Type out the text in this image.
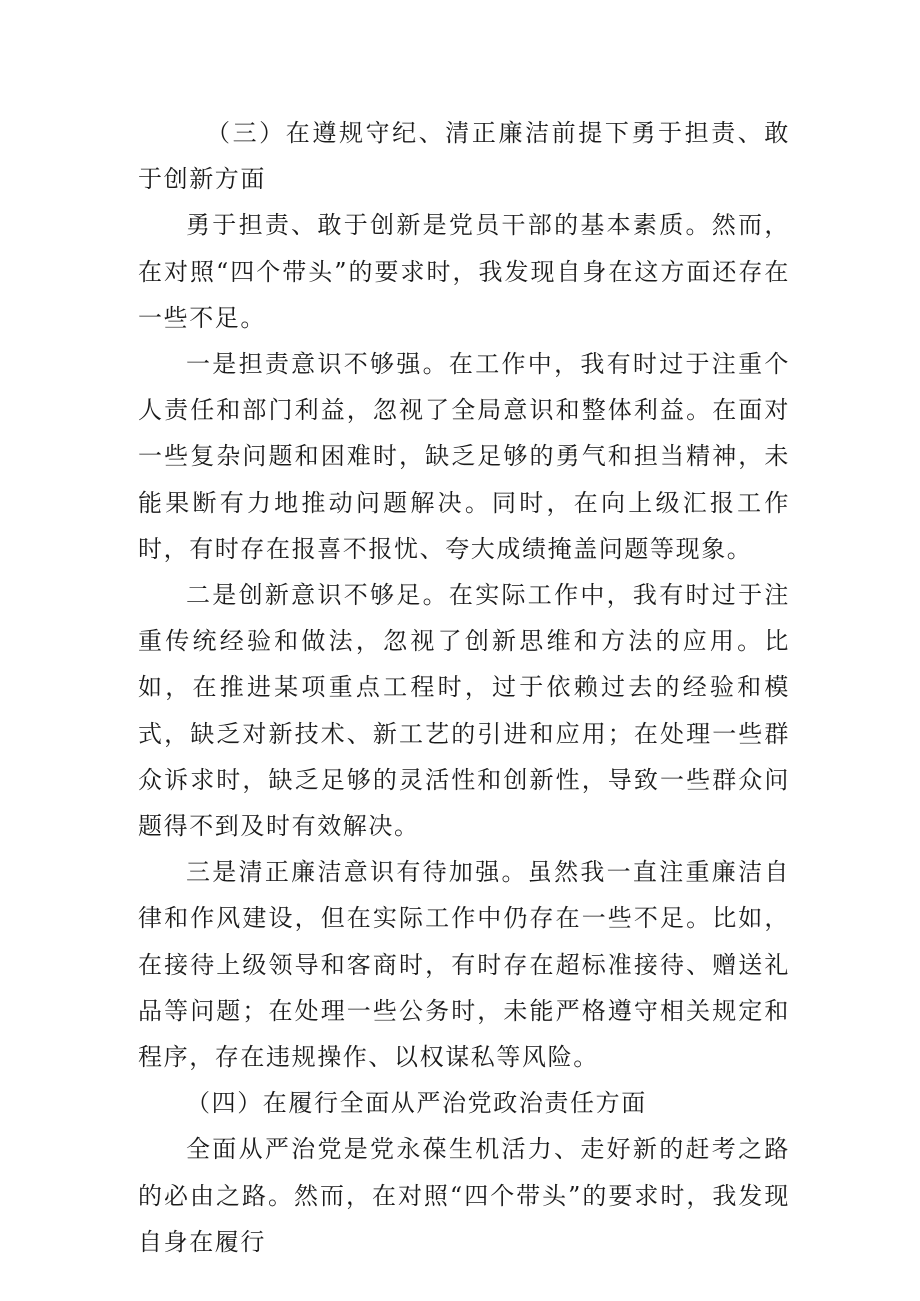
（三）在遵规守纪、清正廉洁前提下勇于担责、敢于创新方面

勇于担责、敢于创新是党员干部的基本素质。然而，在对照“四个带头”的要求时，我发现自身在这方面还存在一些不足。

一是担责意识不够强。在工作中，我有时过于注重个人责任和部门利益，忽视了全局意识和整体利益。在面对一些复杂问题和困难时，缺乏足够的勇气和担当精神，未能果断有力地推动问题解决。同时，在向上级汇报工作时，有时存在报喜不报忧、夸大成绩掩盖问题等现象。

二是创新意识不够足。在实际工作中，我有时过于注重传统经验和做法，忽视了创新思维和方法的应用。比如，在推进某项重点工程时，过于依赖过去的经验和模式，缺乏对新技术、新工艺的引进和应用；在处理一些群众诉求时，缺乏足够的灵活性和创新性，导致一些群众问题得不到及时有效解决。

三是清正廉洁意识有待加强。虽然我一直注重廉洁自律和作风建设，但在实际工作中仍存在一些不足。比如，在接待上级领导和客商时，有时存在超标准接待、赠送礼品等问题；在处理一些公务时，未能严格遵守相关规定和程序，存在违规操作、以权谋私等风险。

（四）在履行全面从严治党政治责任方面

全面从严治党是党永葆生机活力、走好新的赶考之路的必由之路。然而，在对照“四个带头”的要求时，我发现自身在履行
